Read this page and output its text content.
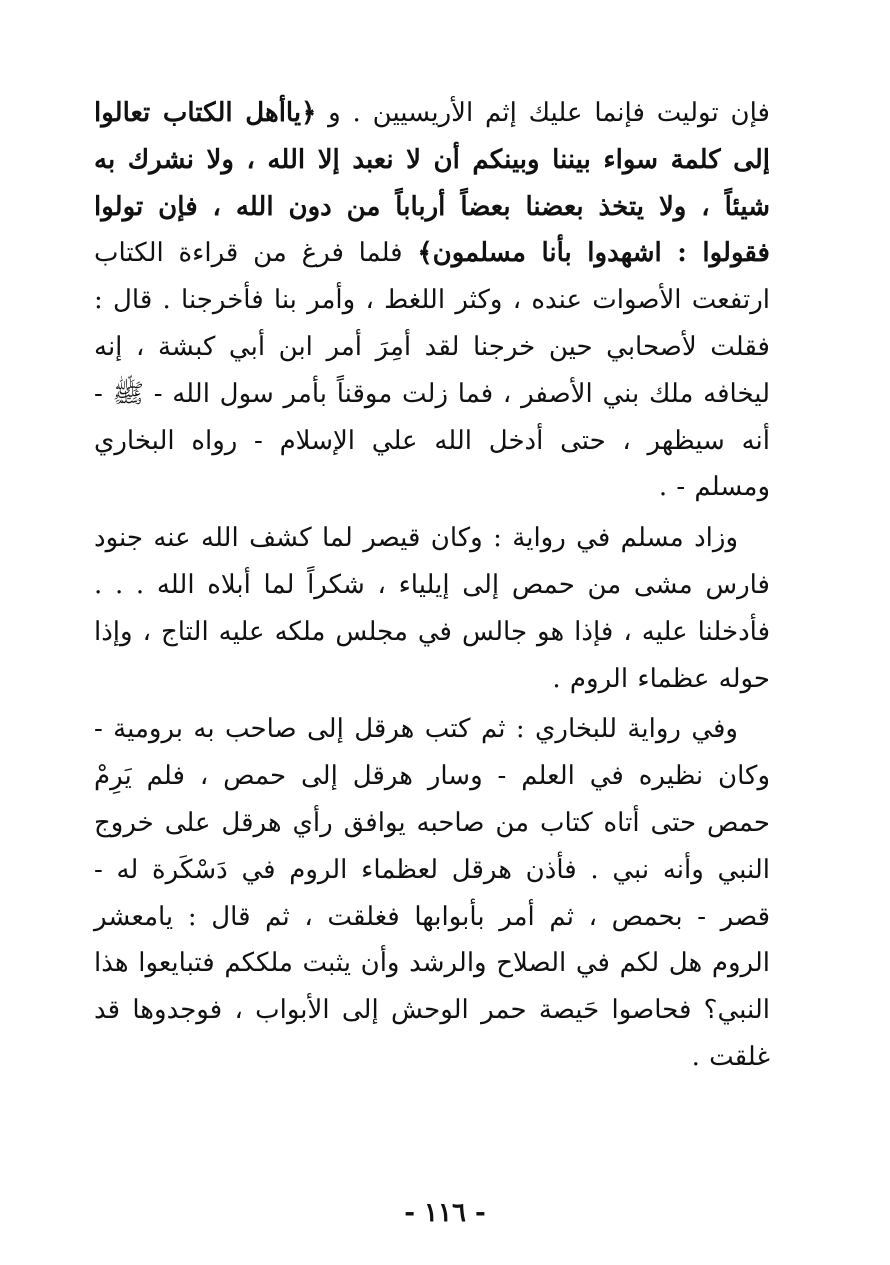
فإن توليت فإنما عليك إثم الأريسيين . و ﴿ياأهل الكتاب تعالوا إلى كلمة سواء بيننا وبينكم أن لا نعبد إلا الله ، ولا نشرك به شيئاً ، ولا يتخذ بعضنا بعضاً أرباباً من دون الله ، فإن تولوا فقولوا : اشهدوا بأنا مسلمون﴾ فلما فرغ من قراءة الكتاب ارتفعت الأصوات عنده ، وكثر اللغط ، وأمر بنا فأخرجنا . قال : فقلت لأصحابي حين خرجنا لقد أمِرَ أمر ابن أبي كبشة ، إنه ليخافه ملك بني الأصفر ، فما زلت موقناً بأمر سول الله - ﷺ - أنه سيظهر ، حتى أدخل الله علي الإسلام - رواه البخاري ومسلم - .

وزاد مسلم في رواية : وكان قيصر لما كشف الله عنه جنود فارس مشى من حمص إلى إيلياء ، شكراً لما أبلاه الله . . . فأدخلنا عليه ، فإذا هو جالس في مجلس ملكه عليه التاج ، وإذا حوله عظماء الروم .

وفي رواية للبخاري : ثم كتب هرقل إلى صاحب به برومية - وكان نظيره في العلم - وسار هرقل إلى حمص ، فلم يَرِمْ حمص حتى أتاه كتاب من صاحبه يوافق رأي هرقل على خروج النبي وأنه نبي . فأذن هرقل لعظماء الروم في دَسْكَرة له - قصر - بحمص ، ثم أمر بأبوابها فغلقت ، ثم قال : يامعشر الروم هل لكم في الصلاح والرشد وأن يثبت ملككم فتبايعوا هذا النبي؟ فحاصوا حَيصة حمر الوحش إلى الأبواب ، فوجدوها قد غلقت .

- ١١٦ -
